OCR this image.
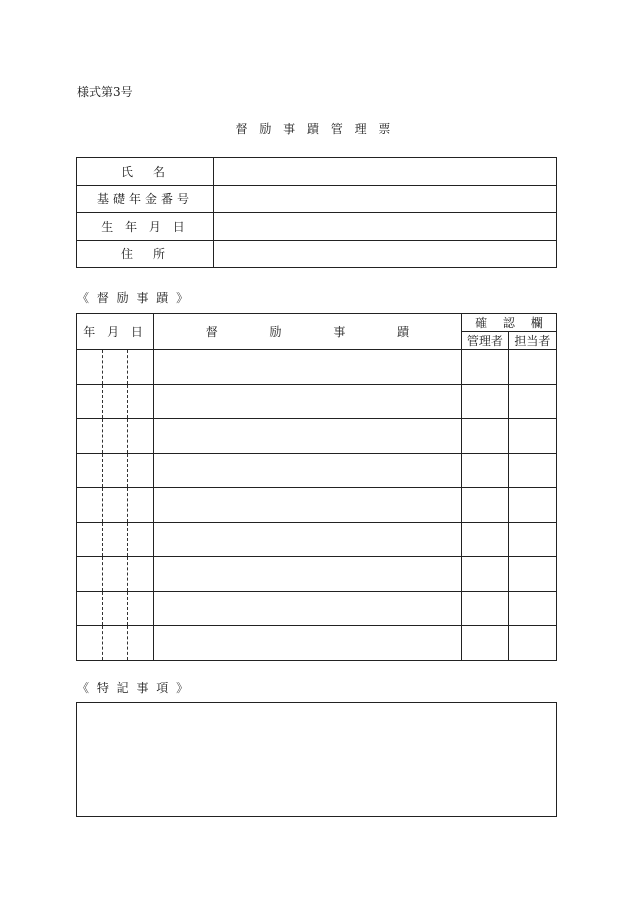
様式第3号
督 励 事 蹟 管 理 票
氏　名	
基礎年金番号	
生 年 月 日	
住　所	
《 督 励 事 蹟 》
年 月 日	督 励 事 蹟	確 認 欄	
		管理者	担当者

《 特 記 事 項 》
